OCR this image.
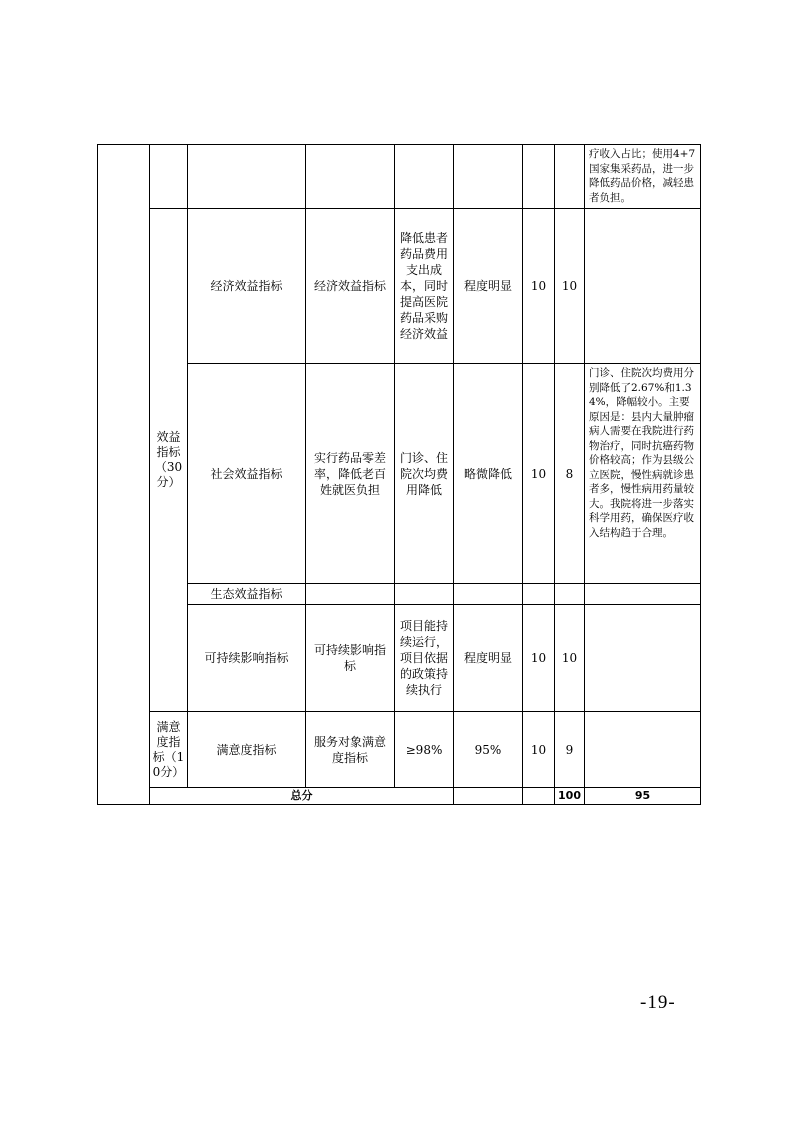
								疗收入占比；使用4+7国家集采药品，进一步降低药品价格，减轻患者负担。	
	效益指标（30分）	经济效益指标	经济效益指标	降低患者药品费用支出成本，同时提高医院药品采购经济效益	程度明显	10	10		
		社会效益指标	实行药品零差率，降低老百姓就医负担	门诊、住院次均费用降低	略微降低	10	8	门诊、住院次均费用分别降低了2.67%和1.34%，降幅较小。主要原因是：县内大量肿瘤病人需要在我院进行药物治疗，同时抗癌药物价格较高；作为县级公立医院，慢性病就诊患者多，慢性病用药量较大。我院将进一步落实科学用药，确保医疗收入结构趋于合理。	
		生态效益指标							
		可持续影响指标	可持续影响指标	项目能持续运行，项目依据的政策持续执行	程度明显	10	10		
	满意度指标（10分）	满意度指标	服务对象满意度指标	≥98%	95%	10	9		
	总分						100	95	
-19-
